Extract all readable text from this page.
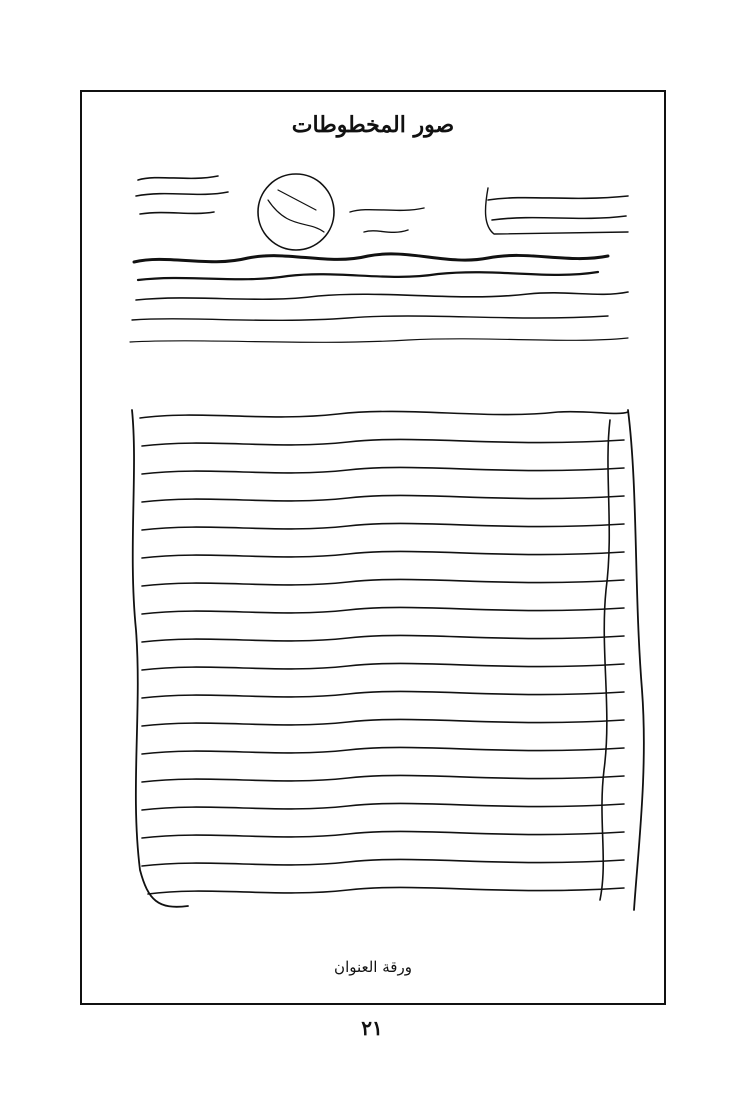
صور المخطوطات
ورقة العنوان
٢١
